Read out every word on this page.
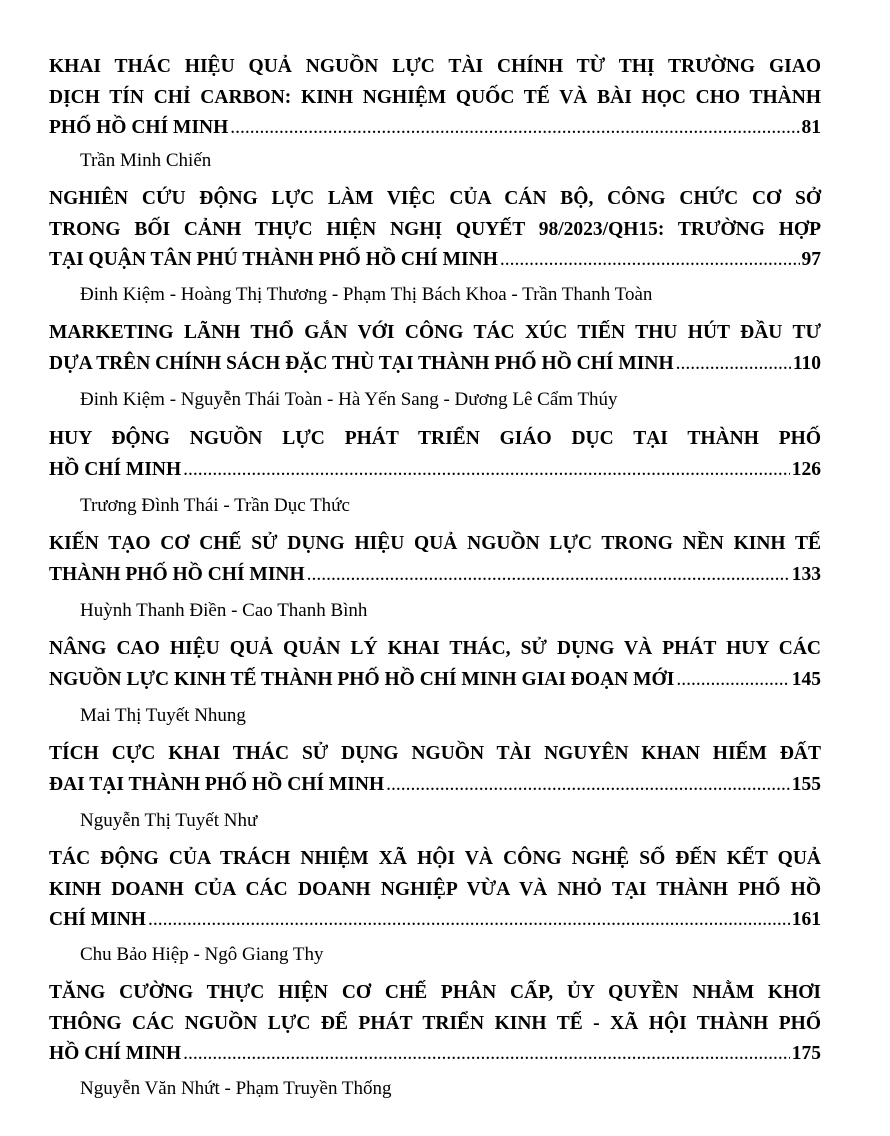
KHAI THÁC HIỆU QUẢ NGUỒN LỰC TÀI CHÍNH TỪ THỊ TRƯỜNG GIAO
DỊCH TÍN CHỈ CARBON: KINH NGHIỆM QUỐC TẾ VÀ BÀI HỌC CHO THÀNH
PHỐ HỒ CHÍ MINH .....	81
Trần Minh Chiến
NGHIÊN CỨU ĐỘNG LỰC LÀM VIỆC CỦA CÁN BỘ, CÔNG CHỨC CƠ SỞ
TRONG BỐI CẢNH THỰC HIỆN NGHỊ QUYẾT 98/2023/QH15: TRƯỜNG HỢP
TẠI QUẬN TÂN PHÚ THÀNH PHỐ HỒ CHÍ MINH .....	97
Đinh Kiệm - Hoàng Thị Thương - Phạm Thị Bách Khoa - Trần Thanh Toàn
MARKETING LÃNH THỔ GẮN VỚI CÔNG TÁC XÚC TIẾN THU HÚT ĐẦU TƯ
DỰA TRÊN CHÍNH SÁCH ĐẶC THÙ TẠI THÀNH PHỐ HỒ CHÍ MINH .....	110
Đinh Kiệm - Nguyễn Thái Toàn - Hà Yến Sang - Dương Lê Cẩm Thúy
HUY ĐỘNG NGUỒN LỰC PHÁT TRIỂN GIÁO DỤC TẠI THÀNH PHỐ
HỒ CHÍ MINH .....	126
Trương Đình Thái - Trần Dục Thức
KIẾN TẠO CƠ CHẾ SỬ DỤNG HIỆU QUẢ NGUỒN LỰC TRONG NỀN KINH TẾ
THÀNH PHỐ HỒ CHÍ MINH .....	133
Huỳnh Thanh Điền - Cao Thanh Bình
NÂNG CAO HIỆU QUẢ QUẢN LÝ KHAI THÁC, SỬ DỤNG VÀ PHÁT HUY CÁC
NGUỒN LỰC KINH TẾ THÀNH PHỐ HỒ CHÍ MINH GIAI ĐOẠN MỚI .....	145
Mai Thị Tuyết Nhung
TÍCH CỰC KHAI THÁC SỬ DỤNG NGUỒN TÀI NGUYÊN KHAN HIẾM ĐẤT
ĐAI TẠI THÀNH PHỐ HỒ CHÍ MINH .....	155
Nguyễn Thị Tuyết Như
TÁC ĐỘNG CỦA TRÁCH NHIỆM XÃ HỘI VÀ CÔNG NGHỆ SỐ ĐẾN KẾT QUẢ
KINH DOANH CỦA CÁC DOANH NGHIỆP VỪA VÀ NHỎ TẠI THÀNH PHỐ HỒ
CHÍ MINH .....	161
Chu Bảo Hiệp - Ngô Giang Thy
TĂNG CƯỜNG THỰC HIỆN CƠ CHẾ PHÂN CẤP, ỦY QUYỀN NHẰM KHƠI
THÔNG CÁC NGUỒN LỰC ĐỂ PHÁT TRIỂN KINH TẾ - XÃ HỘI THÀNH PHỐ
HỒ CHÍ MINH .....	175
Nguyễn Văn Nhứt - Phạm Truyền Thống
